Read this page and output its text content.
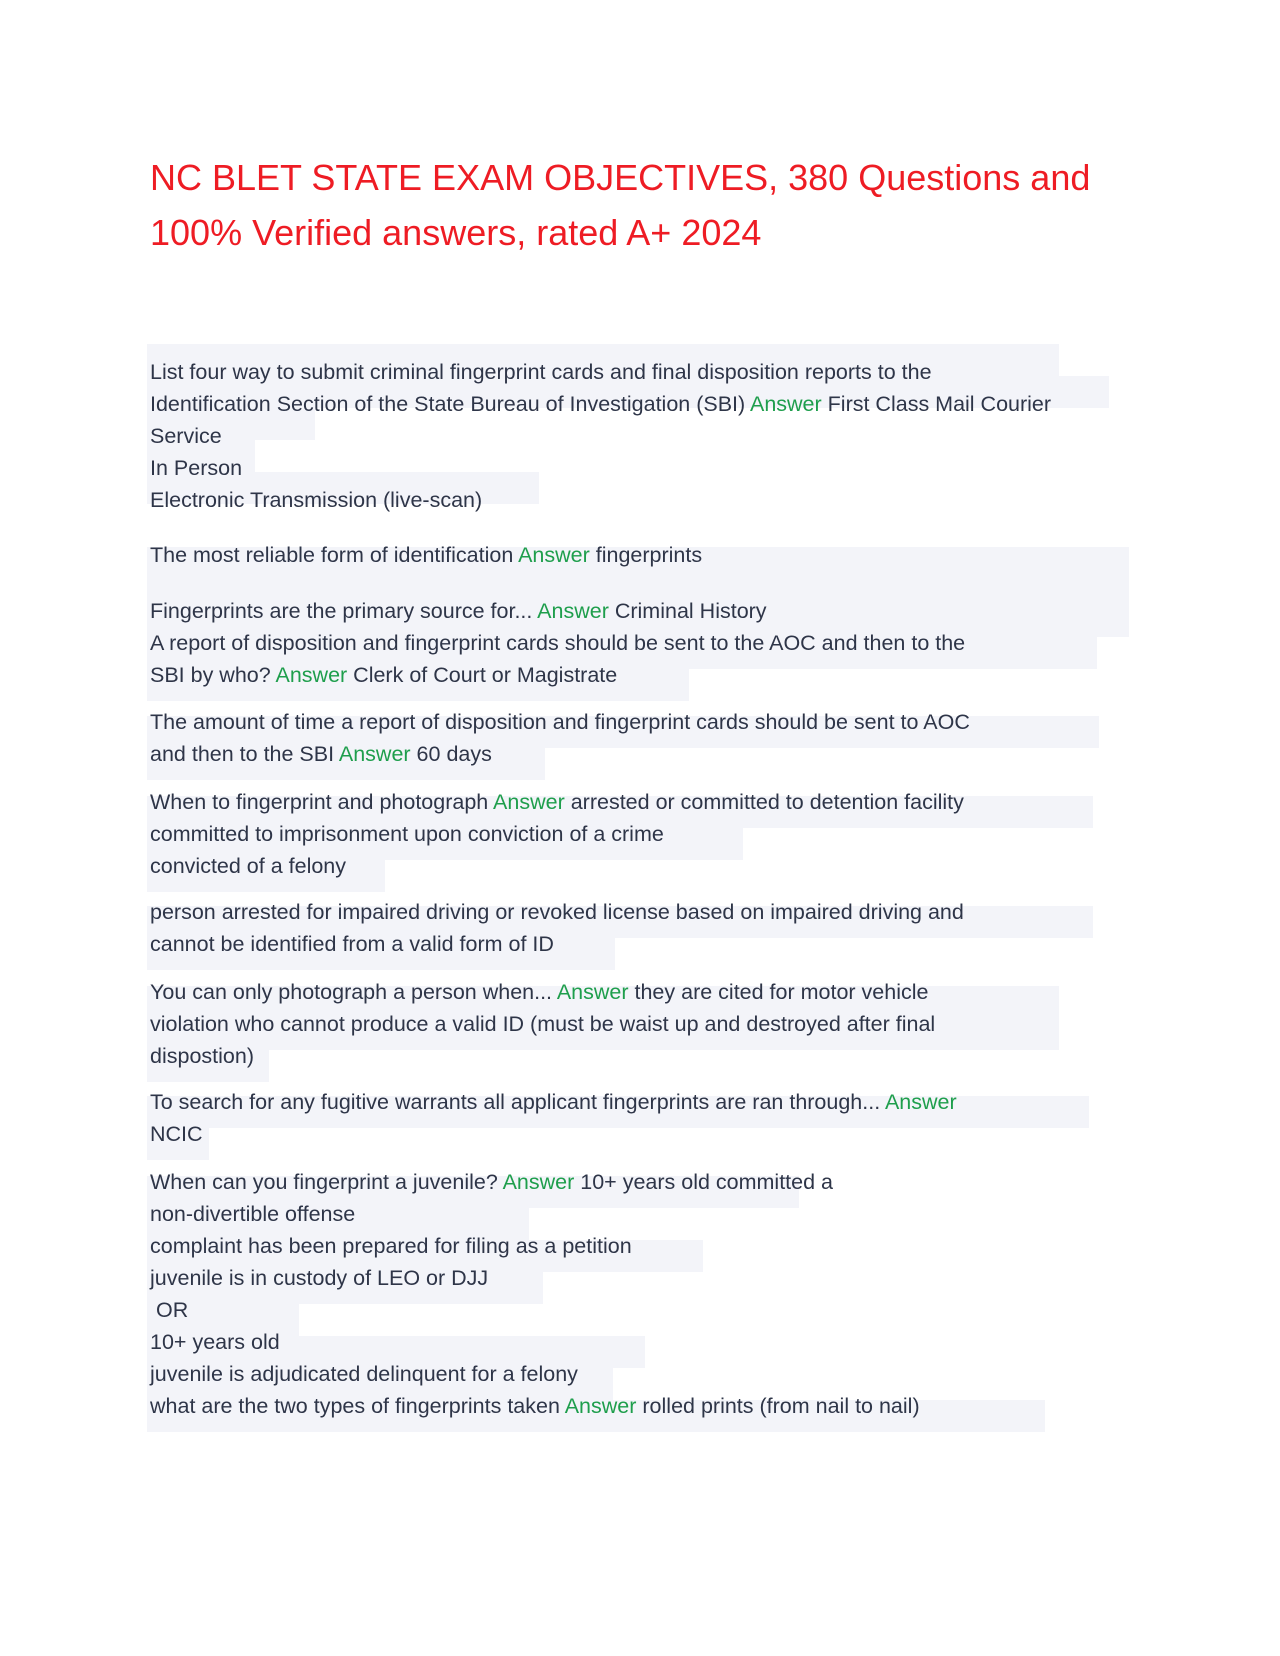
NC BLET STATE EXAM OBJECTIVES, 380 Questions and
100% Verified answers, rated A+ 2024
List four way to submit criminal fingerprint cards and final disposition reports to the
Identification Section of the State Bureau of Investigation (SBI) Answer First Class Mail Courier
Service
In Person
Electronic Transmission (live-scan)
The most reliable form of identification Answer fingerprints
Fingerprints are the primary source for... Answer Criminal History
A report of disposition and fingerprint cards should be sent to the AOC and then to the
SBI by who? Answer Clerk of Court or Magistrate
The amount of time a report of disposition and fingerprint cards should be sent to AOC
and then to the SBI Answer 60 days
When to fingerprint and photograph Answer arrested or committed to detention facility
committed to imprisonment upon conviction of a crime
convicted of a felony
person arrested for impaired driving or revoked license based on impaired driving and
cannot be identified from a valid form of ID
You can only photograph a person when... Answer they are cited for motor vehicle
violation who cannot produce a valid ID (must be waist up and destroyed after final
dispostion)
To search for any fugitive warrants all applicant fingerprints are ran through... Answer
NCIC
When can you fingerprint a juvenile? Answer 10+ years old committed a
non-divertible offense
complaint has been prepared for filing as a petition
juvenile is in custody of LEO or DJJ
OR
10+ years old
juvenile is adjudicated delinquent for a felony
what are the two types of fingerprints taken Answer rolled prints (from nail to nail)
